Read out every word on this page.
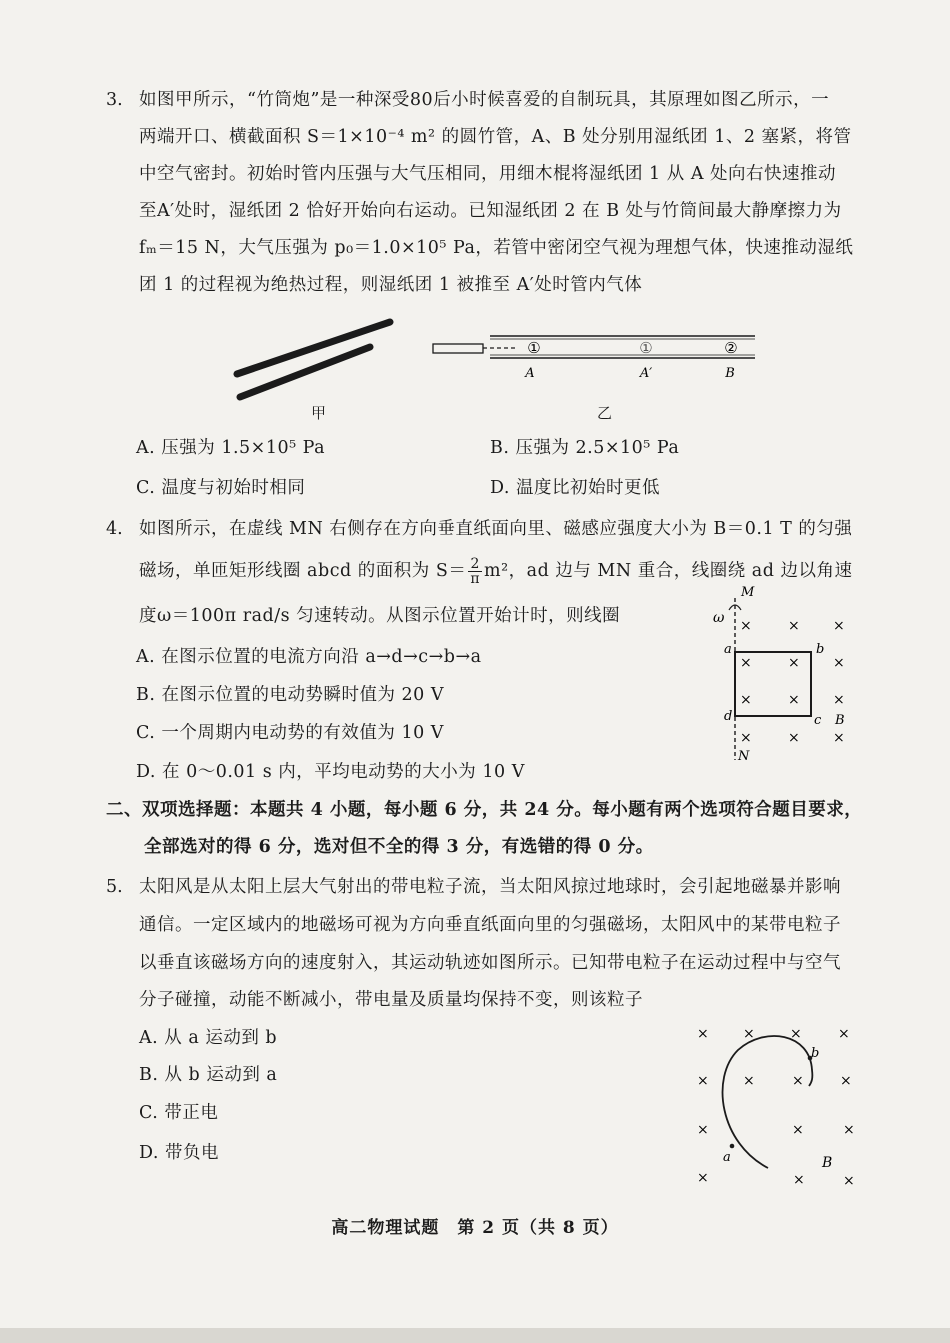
3. 如图甲所示，“竹筒炮”是一种深受80后小时候喜爱的自制玩具，其原理如图乙所示，一
两端开口、横截面积 S＝1×10⁻⁴ m² 的圆竹管，A、B 处分别用湿纸团 1、2 塞紧，将管
中空气密封。初始时管内压强与大气压相同，用细木棍将湿纸团 1 从 A 处向右快速推动
至A′处时，湿纸团 2 恰好开始向右运动。已知湿纸团 2 在 B 处与竹筒间最大静摩擦力为
fₘ＝15 N，大气压强为 p₀＝1.0×10⁵ Pa，若管中密闭空气视为理想气体，快速推动湿纸
团 1 的过程视为绝热过程，则湿纸团 1 被推至 A′处时管内气体
甲
①	①	②
A	A′	B
乙
A. 压强为 1.5×10⁵ Pa	B. 压强为 2.5×10⁵ Pa
C. 温度与初始时相同	D. 温度比初始时更低
4. 如图所示，在虚线 MN 右侧存在方向垂直纸面向里、磁感应强度大小为 B＝0.1 T 的匀强
磁场，单匝矩形线圈 abcd 的面积为 $S= \frac{2}{\pi} m^2$，ad 边与 MN 重合，线圈绕 ad 边以角速
度ω＝100π rad/s 匀速转动。从图示位置开始计时，则线圈
A. 在图示位置的电流方向沿 a→d→c→b→a
B. 在图示位置的电动势瞬时值为 20 V
C. 一个周期内电动势的有效值为 10 V
D. 在 0～0.01 s 内，平均电动势的大小为 10 V
M
N
ω
a	b
c
d	B
×	× ×
×	× ×
×	× ×
×	× ×
二、双项选择题：本题共 4 小题，每小题 6 分，共 24 分。每小题有两个选项符合题目要求，
全部选对的得 6 分，选对但不全的得 3 分，有选错的得 0 分。
5. 太阳风是从太阳上层大气射出的带电粒子流，当太阳风掠过地球时，会引起地磁暴并影响
通信。一定区域内的地磁场可视为方向垂直纸面向里的匀强磁场，太阳风中的某带电粒子
以垂直该磁场方向的速度射入，其运动轨迹如图所示。已知带电粒子在运动过程中与空气
分子碰撞，动能不断减小，带电量及质量均保持不变，则该粒子
A. 从 a 运动到 b
B. 从 b 运动到 a
C. 带正电
D. 带负电	a
b
B
× ×	×	×
× ×	×	×
×	×	×
×	×	×
高二物理试题　第 2 页（共 8 页）
